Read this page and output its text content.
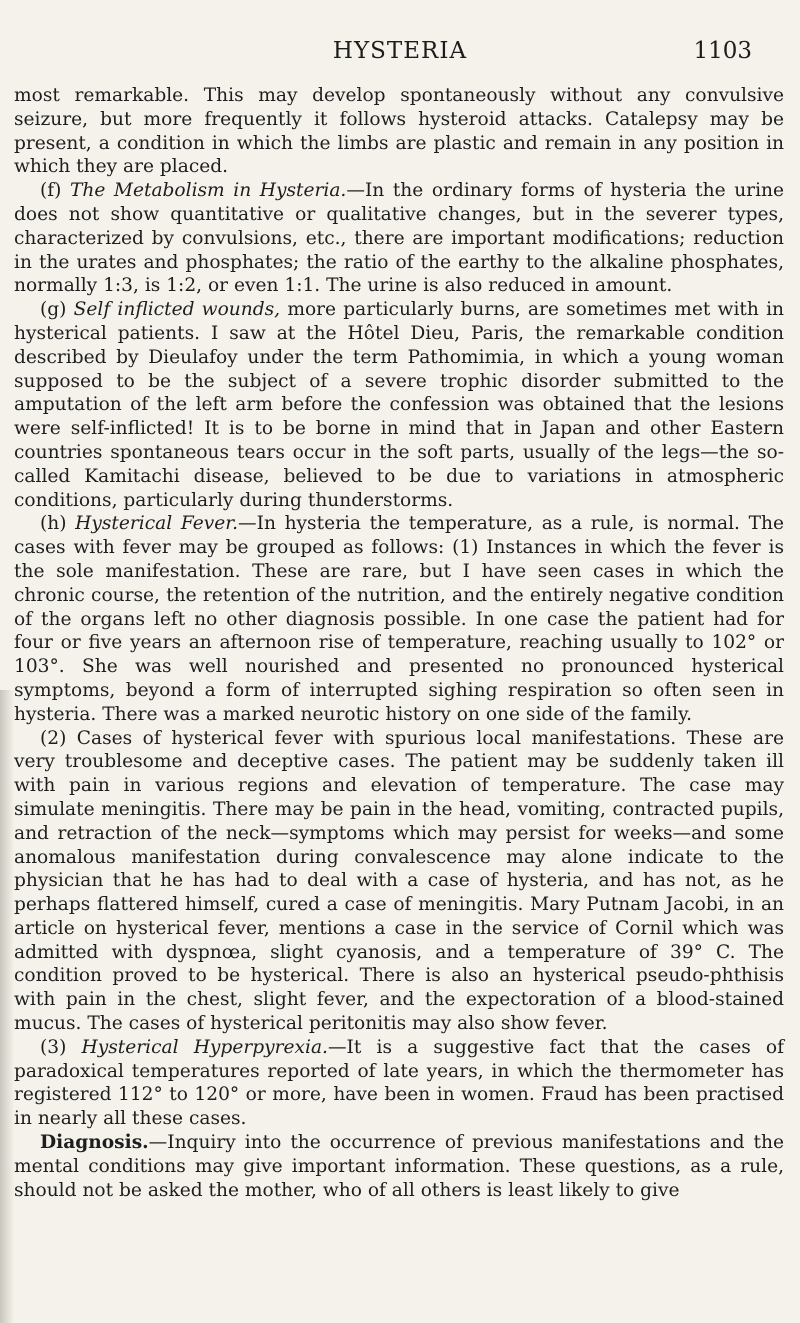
HYSTERIA	1103

most remarkable. This may develop spontaneously without any convulsive seizure, but more frequently it follows hysteroid attacks. Catalepsy may be present, a condition in which the limbs are plastic and remain in any position in which they are placed.

(f) The Metabolism in Hysteria.—In the ordinary forms of hysteria the urine does not show quantitative or qualitative changes, but in the severer types, characterized by convulsions, etc., there are important modifications; reduction in the urates and phosphates; the ratio of the earthy to the alkaline phosphates, normally 1:3, is 1:2, or even 1:1. The urine is also reduced in amount.

(g) Self inflicted wounds, more particularly burns, are sometimes met with in hysterical patients. I saw at the Hôtel Dieu, Paris, the remarkable condition described by Dieulafoy under the term Pathomimia, in which a young woman supposed to be the subject of a severe trophic disorder submitted to the amputation of the left arm before the confession was obtained that the lesions were self-inflicted! It is to be borne in mind that in Japan and other Eastern countries spontaneous tears occur in the soft parts, usually of the legs—the so-called Kamitachi disease, believed to be due to variations in atmospheric conditions, particularly during thunderstorms.

(h) Hysterical Fever.—In hysteria the temperature, as a rule, is normal. The cases with fever may be grouped as follows: (1) Instances in which the fever is the sole manifestation. These are rare, but I have seen cases in which the chronic course, the retention of the nutrition, and the entirely negative condition of the organs left no other diagnosis possible. In one case the patient had for four or five years an afternoon rise of temperature, reaching usually to 102° or 103°. She was well nourished and presented no pronounced hysterical symptoms, beyond a form of interrupted sighing respiration so often seen in hysteria. There was a marked neurotic history on one side of the family.

(2) Cases of hysterical fever with spurious local manifestations. These are very troublesome and deceptive cases. The patient may be suddenly taken ill with pain in various regions and elevation of temperature. The case may simulate meningitis. There may be pain in the head, vomiting, contracted pupils, and retraction of the neck—symptoms which may persist for weeks—and some anomalous manifestation during convalescence may alone indicate to the physician that he has had to deal with a case of hysteria, and has not, as he perhaps flattered himself, cured a case of meningitis. Mary Putnam Jacobi, in an article on hysterical fever, mentions a case in the service of Cornil which was admitted with dyspnœa, slight cyanosis, and a temperature of 39° C. The condition proved to be hysterical. There is also an hysterical pseudo-phthisis with pain in the chest, slight fever, and the expectoration of a blood-stained mucus. The cases of hysterical peritonitis may also show fever.

(3) Hysterical Hyperpyrexia.—It is a suggestive fact that the cases of paradoxical temperatures reported of late years, in which the thermometer has registered 112° to 120° or more, have been in women. Fraud has been practised in nearly all these cases.

Diagnosis.—Inquiry into the occurrence of previous manifestations and the mental conditions may give important information. These questions, as a rule, should not be asked the mother, who of all others is least likely to give
